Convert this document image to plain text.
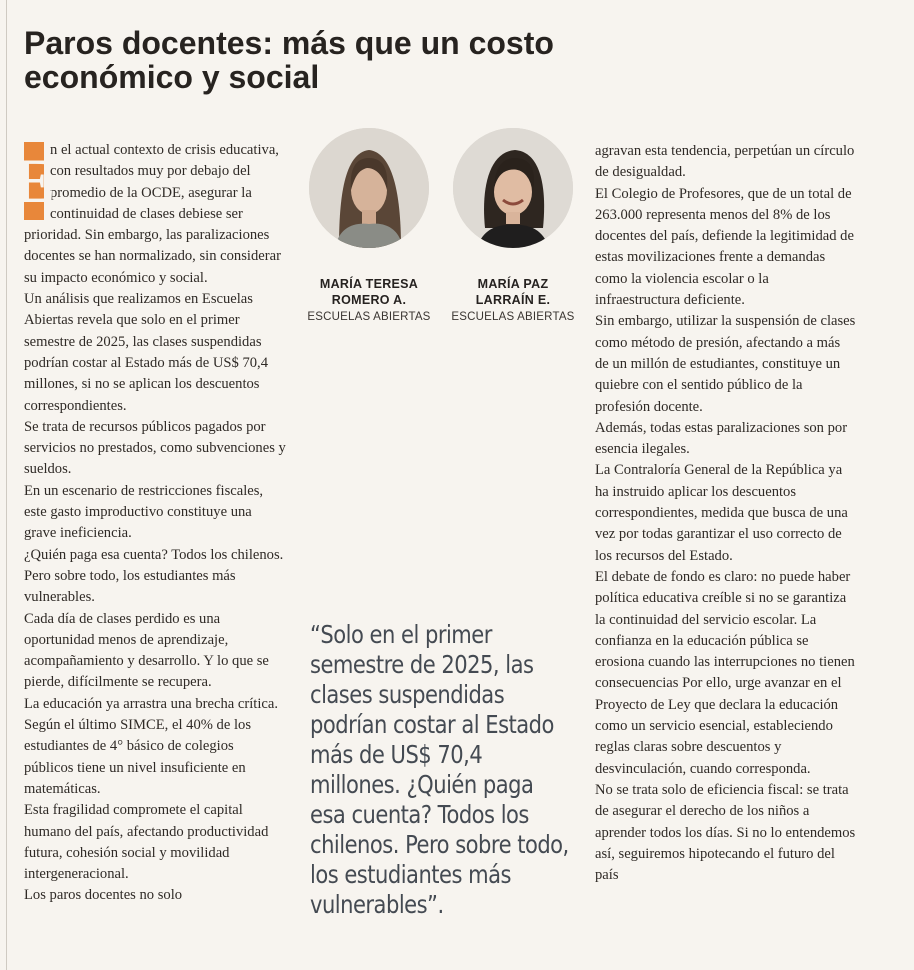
Paros docentes: más que un costo económico y social
E

n el actual contexto de crisis educativa, con resultados muy por debajo del promedio de la OCDE, asegurar la continuidad de clases debiese ser prioridad. Sin embargo, las paralizaciones docentes se han normalizado, sin considerar su impacto económico y social.

Un análisis que realizamos en Escuelas Abiertas revela que solo en el primer semestre de 2025, las clases suspendidas podrían costar al Estado más de US$ 70,4 millones, si no se aplican los descuentos correspondientes.

Se trata de recursos públicos pagados por servicios no prestados, como subvenciones y sueldos.

En un escenario de restricciones fiscales, este gasto improductivo constituye una grave ineficiencia.

¿Quién paga esa cuenta? Todos los chilenos. Pero sobre todo, los estudiantes más vulnerables.

Cada día de clases perdido es una oportunidad menos de aprendizaje, acompañamiento y desarrollo. Y lo que se pierde, difícilmente se recupera.

La educación ya arrastra una brecha crítica. Según el último SIMCE, el 40% de los estudiantes de 4° básico de colegios públicos tiene un nivel insuficiente en matemáticas.

Esta fragilidad compromete el capital humano del país, afectando productividad futura, cohesión social y movilidad intergeneracional.

Los paros docentes no solo

MARÍA TERESA
ROMERO A.
ESCUELAS ABIERTAS
MARÍA PAZ
LARRAÍN E.
ESCUELAS ABIERTAS

“Solo en el primer semestre de 2025, las clases suspendidas podrían costar al Estado más de US$ 70,4 millones. ¿Quién paga esa cuenta? Todos los chilenos. Pero sobre todo, los estudiantes más vulnerables”.

agravan esta tendencia, perpetúan un círculo de desigualdad.

El Colegio de Profesores, que de un total de 263.000 representa menos del 8% de los docentes del país, defiende la legitimidad de estas movilizaciones frente a demandas como la violencia escolar o la infraestructura deficiente.

Sin embargo, utilizar la suspensión de clases como método de presión, afectando a más de un millón de estudiantes, constituye un quiebre con el sentido público de la profesión docente.

Además, todas estas paralizaciones son por esencia ilegales.

La Contraloría General de la República ya ha instruido aplicar los descuentos correspondientes, medida que busca de una vez por todas garantizar el uso correcto de los recursos del Estado.

El debate de fondo es claro: no puede haber política educativa creíble si no se garantiza la continuidad del servicio escolar. La confianza en la educación pública se erosiona cuando las interrupciones no tienen consecuencias Por ello, urge avanzar en el Proyecto de Ley que declara la educación como un servicio esencial, estableciendo reglas claras sobre descuentos y desvinculación, cuando corresponda.

No se trata solo de eficiencia fiscal: se trata de asegurar el derecho de los niños a aprender todos los días. Si no lo entendemos así, seguiremos hipotecando el futuro del país
